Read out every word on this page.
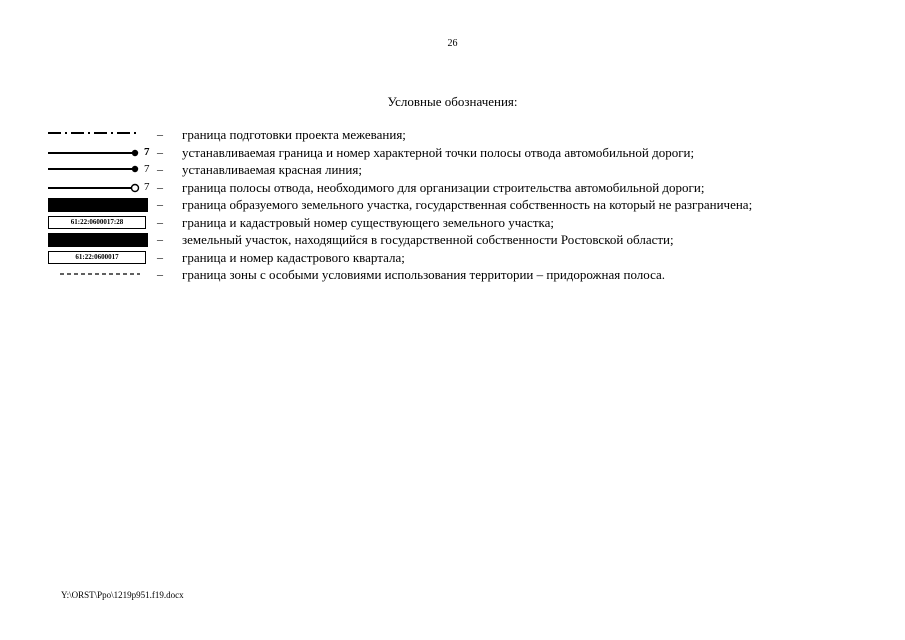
26
Условные обозначения:
– граница подготовки проекта межевания;
7 – устанавливаемая граница и номер характерной точки полосы отвода автомобильной дороги;
7 – устанавливаемая красная линия;
7 – граница полосы отвода, необходимого для организации строительства автомобильной дороги;
– граница образуемого земельного участка, государственная собственность на который не разграничена;
61:22:0600017:28	– граница и кадастровый номер существующего земельного участка;
– земельный участок, находящийся в государственной собственности Ростовской области;
61:22:0600017	– граница и номер кадастрового квартала;
– граница зоны с особыми условиями использования территории – придорожная полоса.
Y:\ORST\Ppo\1219p951.f19.docx
